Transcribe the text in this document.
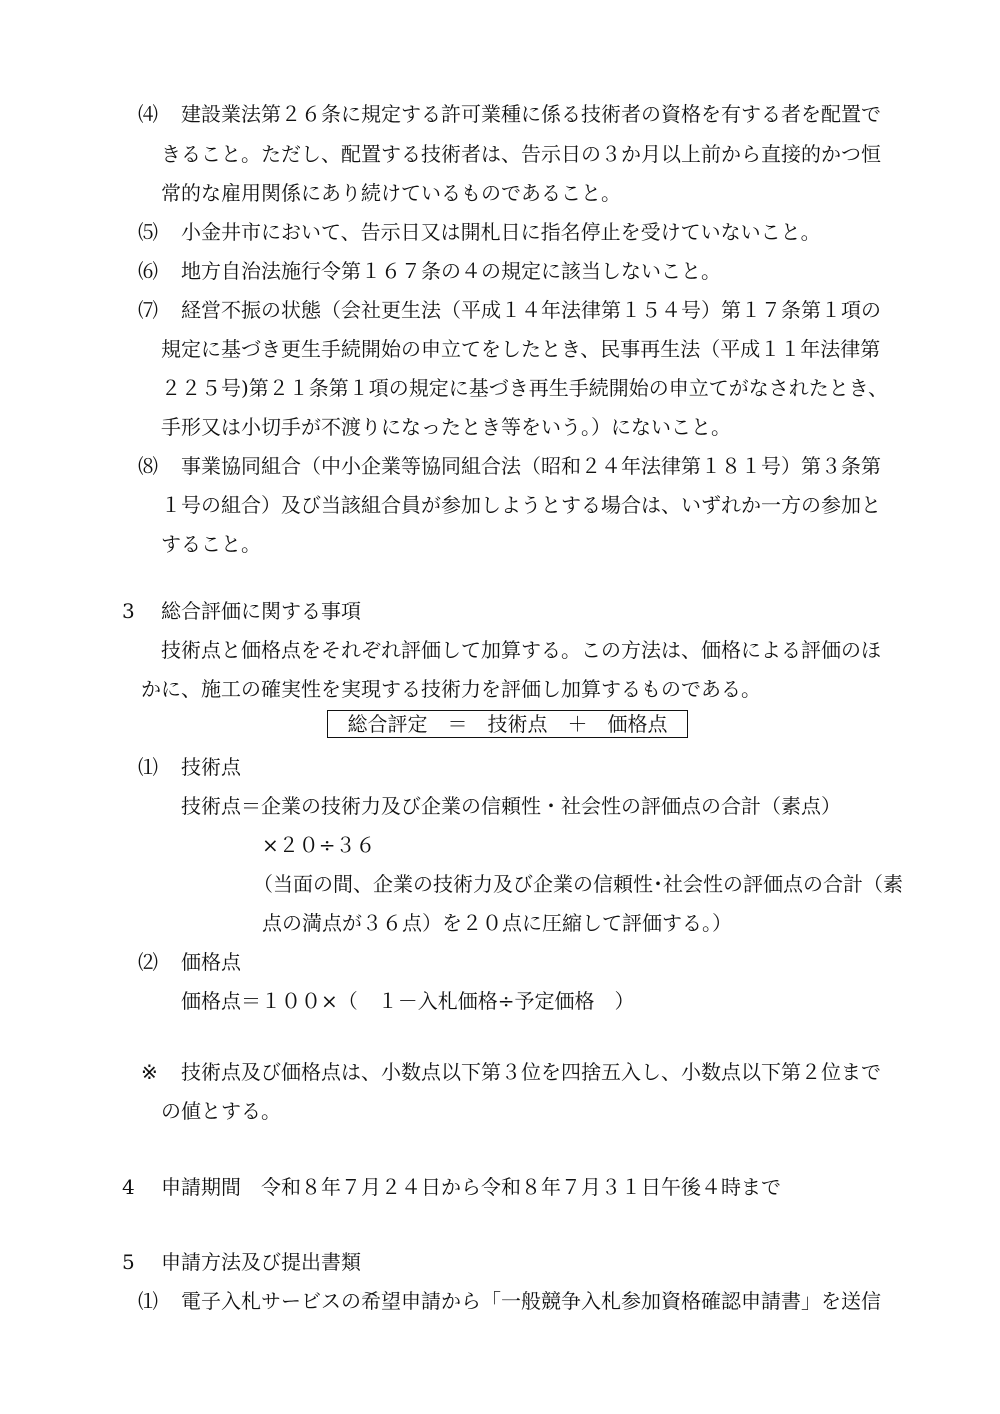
⑷ 建設業法第２６条に規定する許可業種に係る技術者の資格を有する者を配置で
きること。ただし、配置する技術者は、告示日の３か月以上前から直接的かつ恒
常的な雇用関係にあり続けているものであること。
⑸ 小金井市において、告示日又は開札日に指名停止を受けていないこと。
⑹ 地方自治法施行令第１６７条の４の規定に該当しないこと。
⑺ 経営不振の状態（会社更生法（平成１４年法律第１５４号）第１７条第１項の
規定に基づき更生手続開始の申立てをしたとき、民事再生法（平成１１年法律第
２２５号)第２１条第１項の規定に基づき再生手続開始の申立てがなされたとき、
手形又は小切手が不渡りになったとき等をいう。）にないこと。
⑻ 事業協同組合（中小企業等協同組合法（昭和２４年法律第１８１号）第３条第
１号の組合）及び当該組合員が参加しようとする場合は、いずれか一方の参加と
すること。
3 総合評価に関する事項
技術点と価格点をそれぞれ評価して加算する。この方法は、価格による評価のほ
かに、施工の確実性を実現する技術力を評価し加算するものである。
総合評定　＝　技術点　＋　価格点
⑴ 技術点
技術点＝企業の技術力及び企業の信頼性・社会性の評価点の合計（素点）
×２０÷３６
（当面の間、企業の技術力及び企業の信頼性･社会性の評価点の合計（素
点の満点が３６点）を２０点に圧縮して評価する。）
⑵ 価格点
価格点＝１００×（　１－入札価格÷予定価格　）
※ 技術点及び価格点は、小数点以下第３位を四捨五入し、小数点以下第２位まで
の値とする。
4 申請期間　令和８年７月２４日から令和８年７月３１日午後４時まで
5 申請方法及び提出書類
⑴ 電子入札サービスの希望申請から「一般競争入札参加資格確認申請書」を送信
